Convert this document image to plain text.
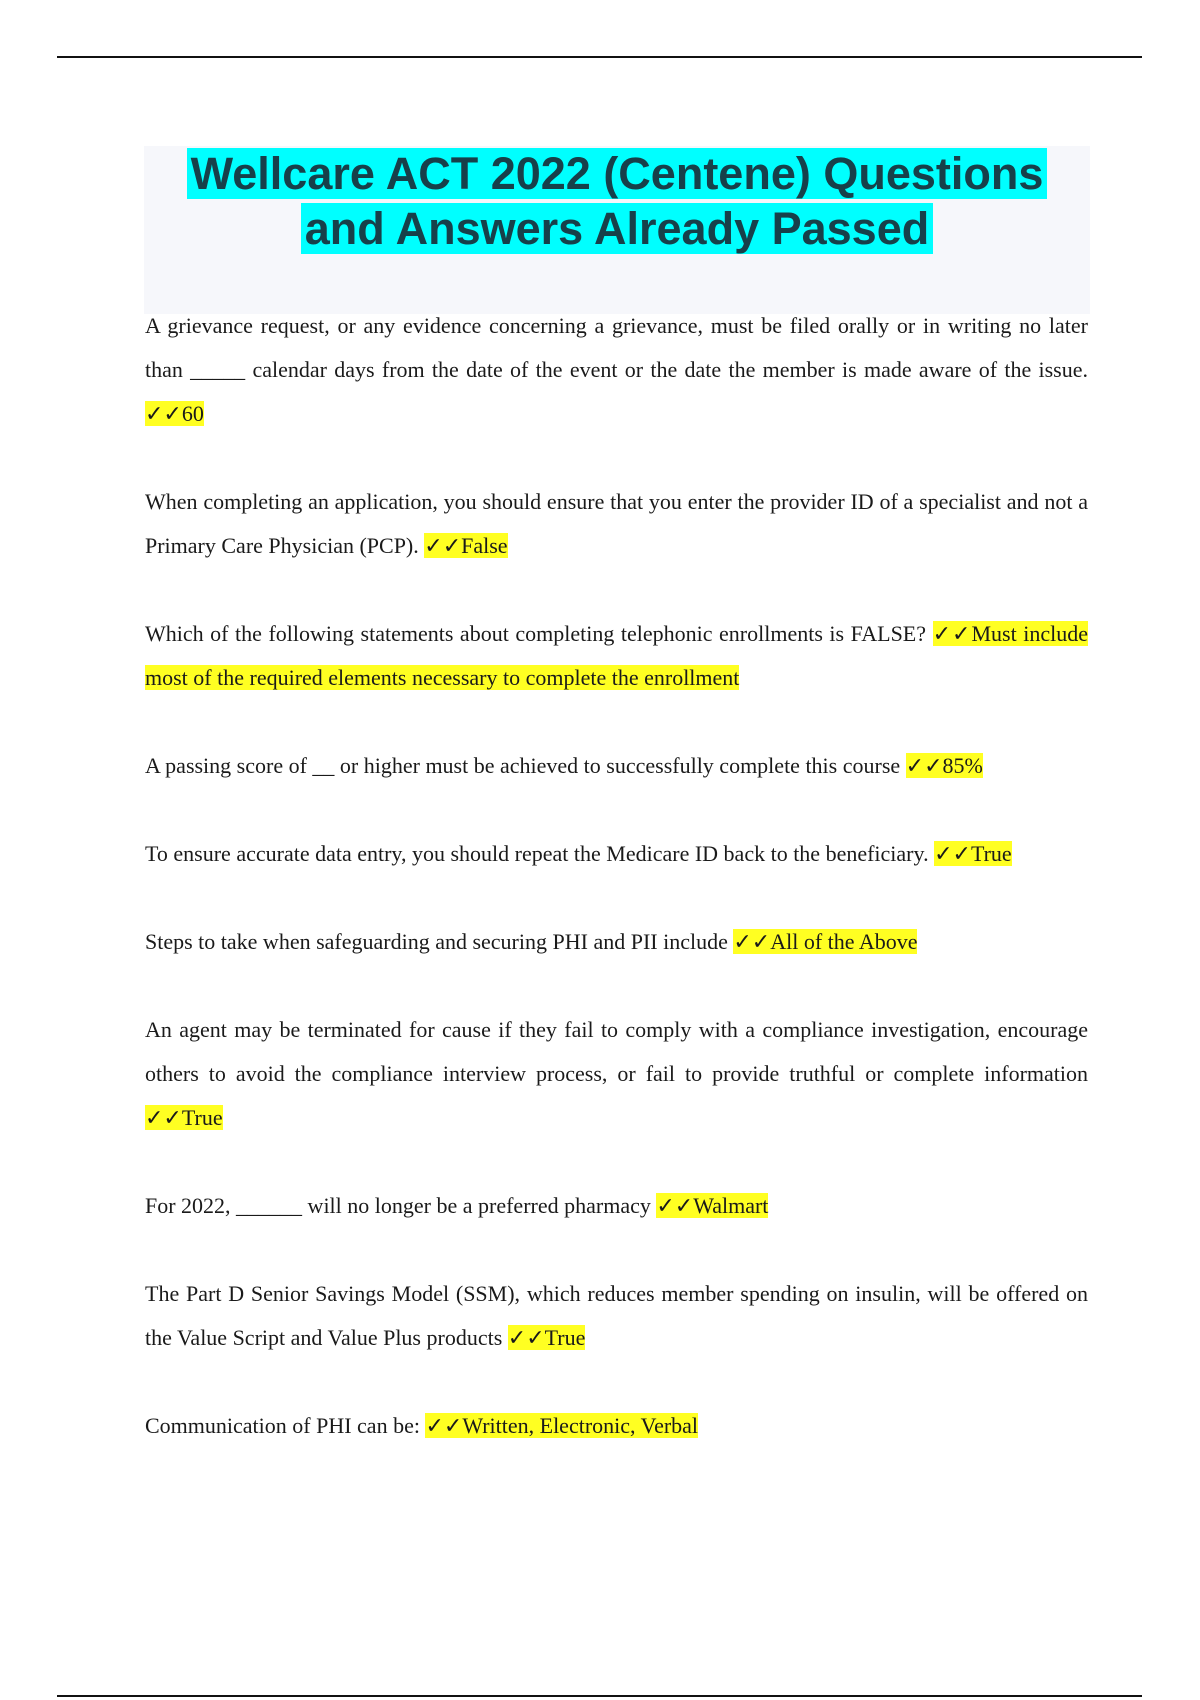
Wellcare ACT 2022 (Centene) Questions
and Answers Already Passed

A grievance request, or any evidence concerning a grievance, must be filed orally or in writing no later than _____ calendar days from the date of the event or the date the member is made aware of the issue. ✓✓60

When completing an application, you should ensure that you enter the provider ID of a specialist and not a Primary Care Physician (PCP). ✓✓False

Which of the following statements about completing telephonic enrollments is FALSE? ✓✓Must include most of the required elements necessary to complete the enrollment

A passing score of __ or higher must be achieved to successfully complete this course ✓✓85%

To ensure accurate data entry, you should repeat the Medicare ID back to the beneficiary. ✓✓True

Steps to take when safeguarding and securing PHI and PII include ✓✓All of the Above

An agent may be terminated for cause if they fail to comply with a compliance investigation, encourage others to avoid the compliance interview process, or fail to provide truthful or complete information ✓✓True

For 2022, ______ will no longer be a preferred pharmacy ✓✓Walmart

The Part D Senior Savings Model (SSM), which reduces member spending on insulin, will be offered on the Value Script and Value Plus products ✓✓True

Communication of PHI can be: ✓✓Written, Electronic, Verbal
